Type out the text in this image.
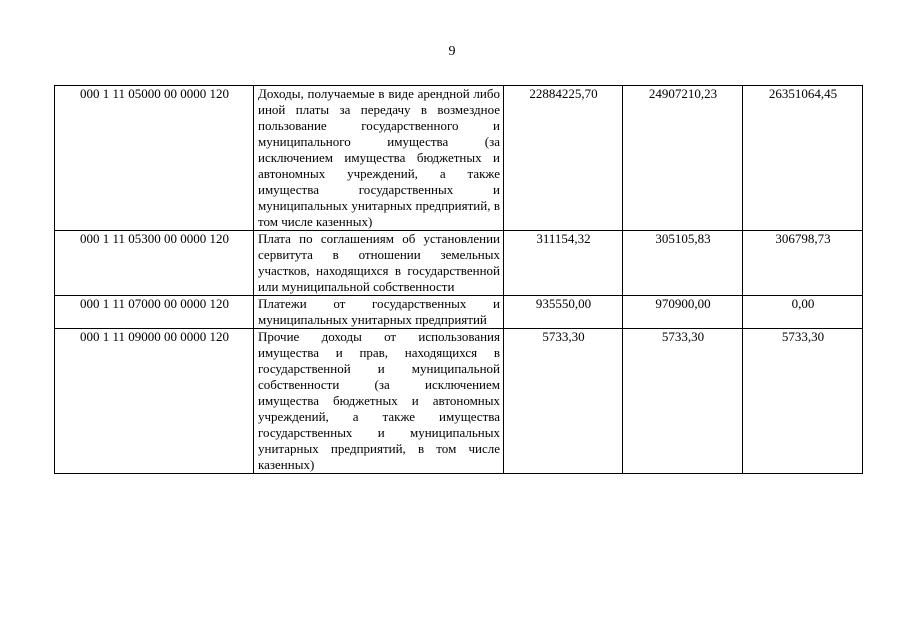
9
000 1 11 05000 00 0000 120	Доходы, получаемые в виде арендной либо иной платы за передачу в возмездное пользование государственного и муниципального имущества (за исключением имущества бюджетных и автономных учреждений, а также имущества государственных и муниципальных унитарных предприятий, в том числе казенных)	22884225,70	24907210,23	26351064,45
000 1 11 05300 00 0000 120	Плата по соглашениям об установлении сервитута в отношении земельных участков, находящихся в государственной или муниципальной собственности	311154,32	305105,83	306798,73
000 1 11 07000 00 0000 120	Платежи от государственных и муниципальных унитарных предприятий	935550,00	970900,00	0,00
000 1 11 09000 00 0000 120	Прочие доходы от использования имущества и прав, находящихся в государственной и муниципальной собственности (за исключением имущества бюджетных и автономных учреждений, а также имущества государственных и муниципальных унитарных предприятий, в том числе казенных)	5733,30	5733,30	5733,30
